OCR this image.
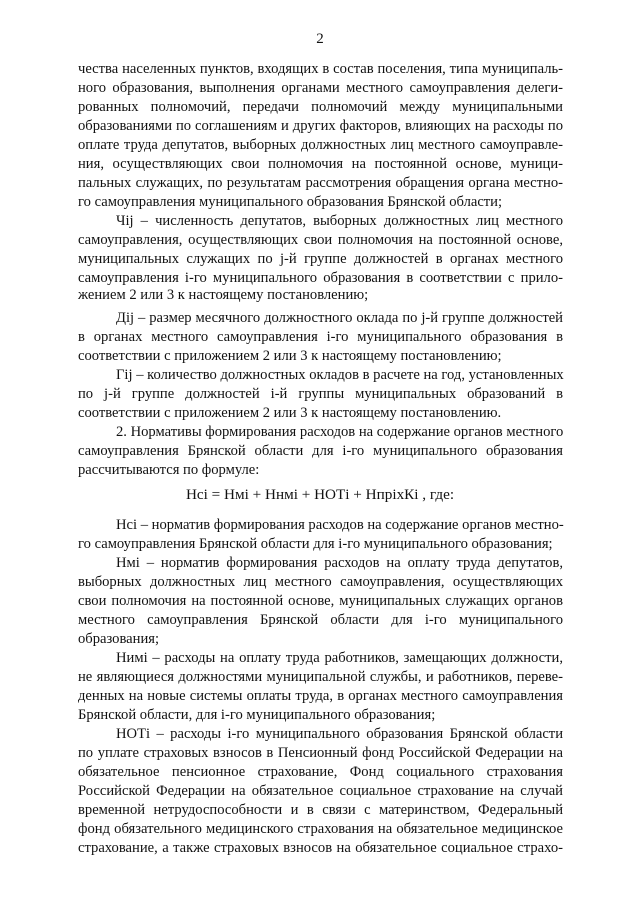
2
чества населенных пунктов, входящих в состав поселения, типа муниципаль-
ного образования, выполнения органами местного самоуправления делеги-
рованных полномочий, передачи полномочий между муниципальными
образованиями по соглашениям и других факторов, влияющих на расходы по
оплате труда депутатов, выборных должностных лиц местного самоуправле-
ния, осуществляющих свои полномочия на постоянной основе, муници-
пальных служащих, по результатам рассмотрения обращения органа местно-
го самоуправления муниципального образования Брянской области;
Чij – численность депутатов, выборных должностных лиц местного
самоуправления, осуществляющих свои полномочия на постоянной основе,
муниципальных служащих по j-й группе должностей в органах местного
самоуправления i-го муниципального образования в соответствии с прило-
жением 2 или 3 к настоящему постановлению;
Дij – размер месячного должностного оклада по j-й группе должностей
в органах местного самоуправления i-го муниципального образования в
соответствии с приложением 2 или 3 к настоящему постановлению;
Гij – количество должностных окладов в расчете на год, установленных
по j-й группе должностей i-й группы муниципальных образований в
соответствии с приложением 2 или 3 к настоящему постановлению.
2. Нормативы формирования расходов на содержание органов местного
самоуправления Брянской области для i-го муниципального образования
рассчитываются по формуле:
Нci – норматив формирования расходов на содержание органов местно-
го самоуправления Брянской области для i-го муниципального образования;
Нмi – норматив формирования расходов на оплату труда депутатов,
выборных должностных лиц местного самоуправления, осуществляющих
свои полномочия на постоянной основе, муниципальных служащих органов
местного самоуправления Брянской области для i-го муниципального
образования;
Нимi – расходы на оплату труда работников, замещающих должности,
не являющиеся должностями муниципальной службы, и работников, переве-
денных на новые системы оплаты труда, в органах местного самоуправления
Брянской области, для i-го муниципального образования;
НОТi – расходы i-го муниципального образования Брянской области
по уплате страховых взносов в Пенсионный фонд Российской Федерации на
обязательное пенсионное страхование, Фонд социального страхования
Российской Федерации на обязательное социальное страхование на случай
временной нетрудоспособности и в связи с материнством, Федеральный
фонд обязательного медицинского страхования на обязательное медицинское
страхование, а также страховых взносов на обязательное социальное страхо-
Нci = Нмi + Ннмi + НОТi + НпрixКi , где:
